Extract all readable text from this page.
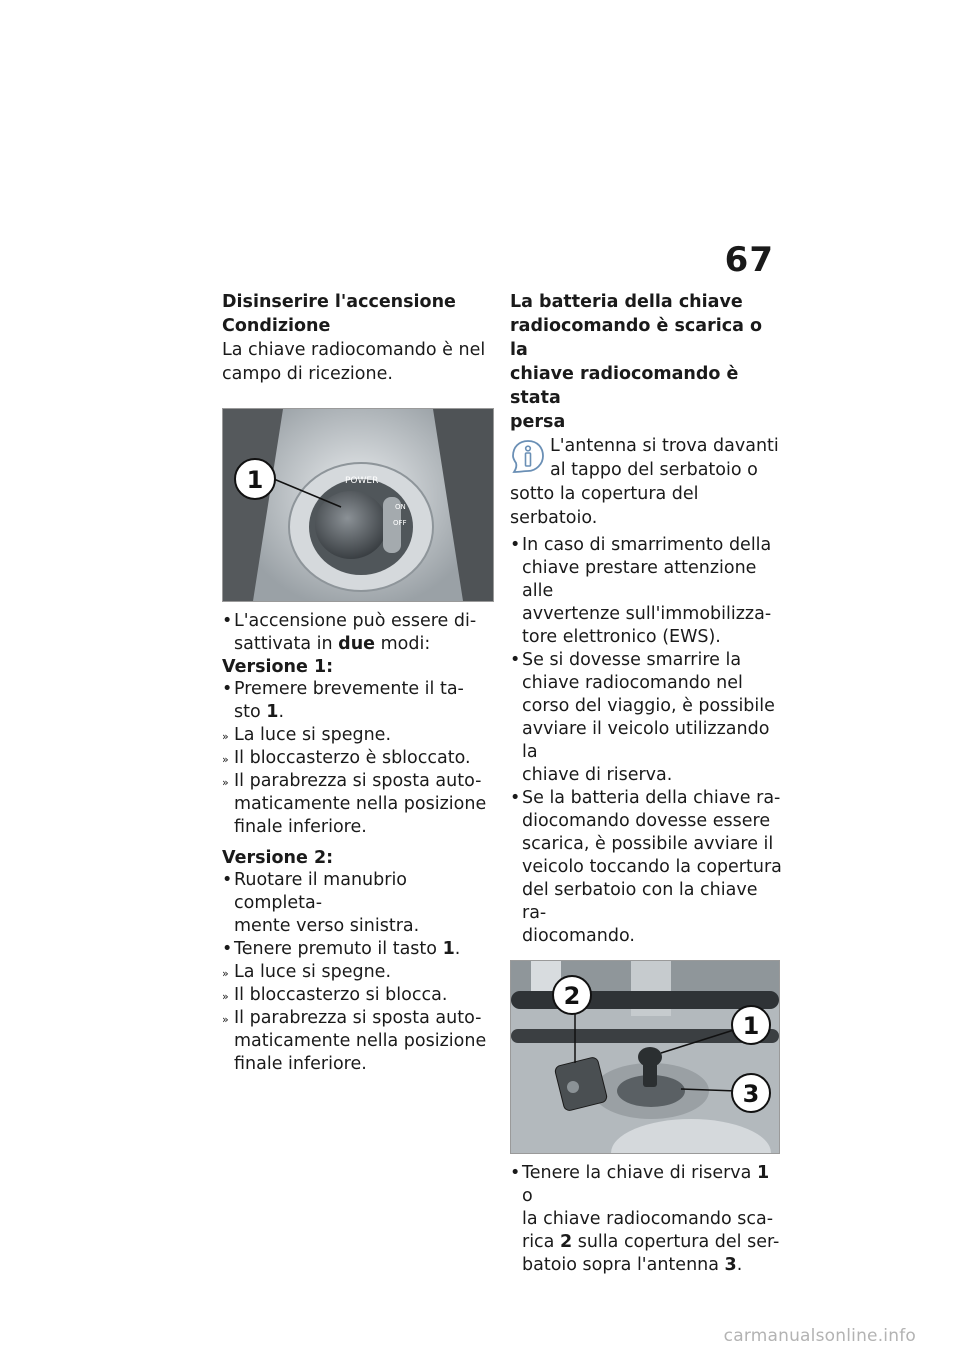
67

Disinserire l'accensione

Condizione

La chiave radiocomando è nel

campo di ricezione.

POWER
ON
OFF
1
• L'accensione può essere di-
sattivata in due modi:

Versione 1:

• Premere brevemente il ta-
sto 1.
» La luce si spegne.
» Il bloccasterzo è sbloccato.
» Il parabrezza si sposta auto-
maticamente nella posizione
finale inferiore.

Versione 2:

• Ruotare il manubrio completa-
mente verso sinistra.
• Tenere premuto il tasto 1.
» La luce si spegne.
» Il bloccasterzo si blocca.
» Il parabrezza si sposta auto-
maticamente nella posizione
finale inferiore.

La batteria della chiave
radiocomando è scarica o la
chiave radiocomando è stata
persa

L'antenna si trova davanti

al tappo del serbatoio o

sotto la copertura del serbatoio.

• In caso di smarrimento della
chiave prestare attenzione alle
avvertenze sull'immobilizza-
tore elettronico (EWS).
• Se si dovesse smarrire la
chiave radiocomando nel
corso del viaggio, è possibile
avviare il veicolo utilizzando la
chiave di riserva.
• Se la batteria della chiave ra-
diocomando dovesse essere
scarica, è possibile avviare il
veicolo toccando la copertura
del serbatoio con la chiave ra-
diocomando.
2
1
3
• Tenere la chiave di riserva 1 o
la chiave radiocomando sca-
rica 2 sulla copertura del ser-
batoio sopra l'antenna 3.
carmanualsonline.info
